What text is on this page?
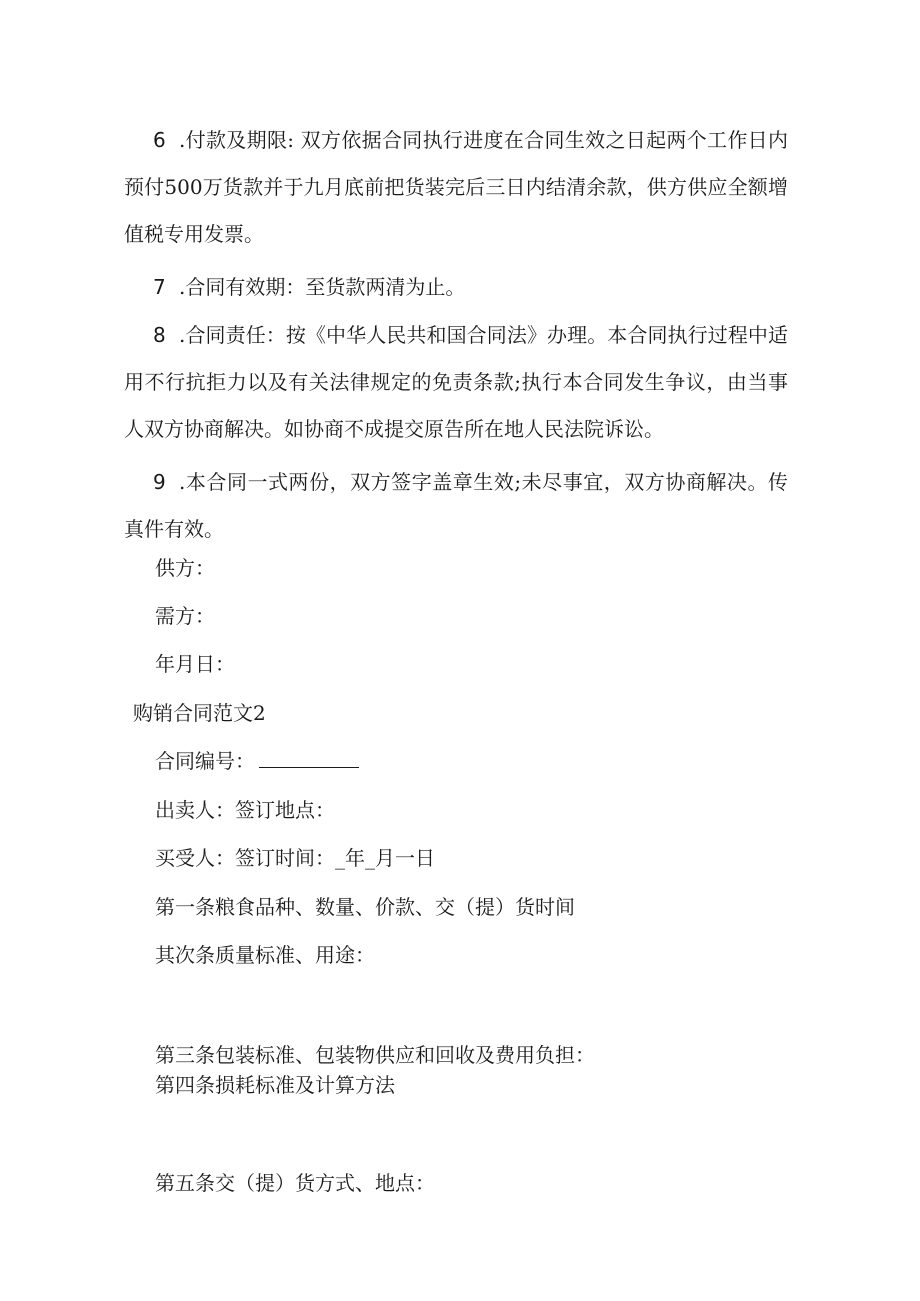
6 .付款及期限: 双方依据合同执行进度在合同生效之日起两个工作日内
预付500万货款并于九月底前把货装完后三日内结清余款，供方供应全额增
值税专用发票。
7 .合同有效期：至货款两清为止。
8 .合同责任：按《中华人民共和国合同法》办理。本合同执行过程中适
用不行抗拒力以及有关法律规定的免责条款;执行本合同发生争议，由当事
人双方协商解决。如协商不成提交原告所在地人民法院诉讼。
9 .本合同一式两份，双方签字盖章生效;未尽事宜，双方协商解决。传
真件有效。
供方：
需方：
年月日：
购销合同范文2
合同编号：
出卖人：签订地点：
买受人：签订时间：_年_月一日
第一条粮食品种、数量、价款、交（提）货时间
其次条质量标准、用途：
第三条包装标准、包装物供应和回收及费用负担：
第四条损耗标准及计算方法
第五条交（提）货方式、地点：
